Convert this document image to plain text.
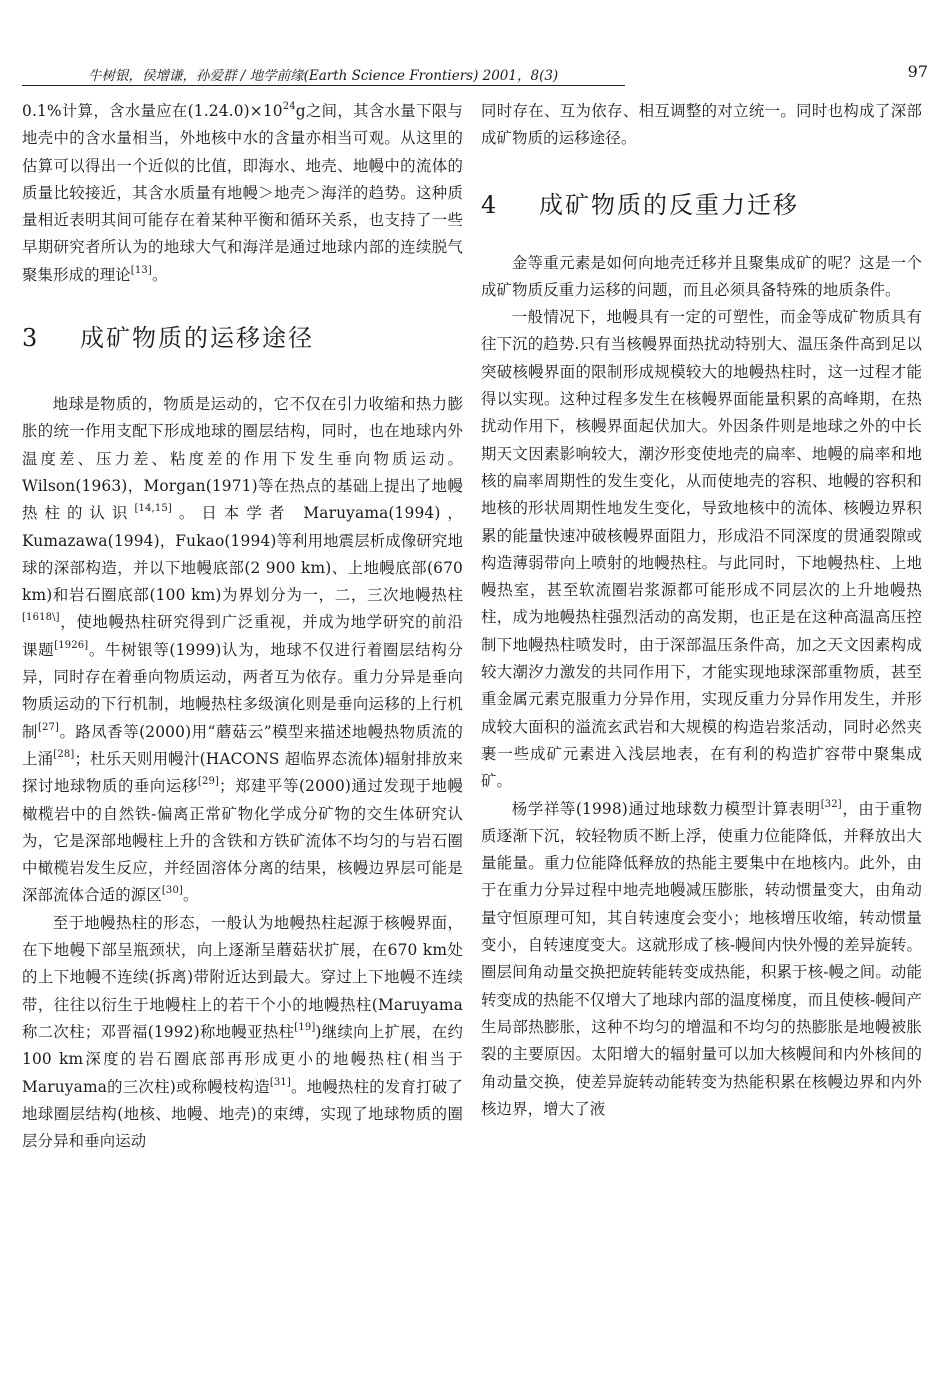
牛树银，侯增谦，孙爱群 / 地学前缘(Earth Science Frontiers) 2001，8(3)	97

0.1%计算，含水量应在$(1.24.0)\times 10^{24}g$之间，其含水量下限与地壳中的含水量相当，外地核中水的含量亦相当可观。从这里的估算可以得出一个近似的比值，即海水、地壳、地幔中的流体的质量比较接近，其含水质量有地幔＞地壳＞海洋的趋势。这种质量相近表明其间可能存在着某种平衡和循环关系，也支持了一些早期研究者所认为的地球大气和海洋是通过地球内部的连续脱气聚集形成的理论[13]。

3 成矿物质的运移途径

地球是物质的，物质是运动的，它不仅在引力收缩和热力膨胀的统一作用支配下形成地球的圈层结构，同时，也在地球内外温度差、压力差、粘度差的作用下发生垂向物质运动。Wilson(1963)，Morgan(1971)等在热点的基础上提出了地幔热柱的认识[14,15]。日本学者 Maruyama(1994)，Kumazawa(1994)，Fukao(1994)等利用地震层析成像研究地球的深部构造，并以下地幔底部(2 900 km)、上地幔底部(670 km)和岩石圈底部(100 km)为界划分为一，二，三次地幔热柱[1618\]，使地幔热柱研究得到广泛重视，并成为地学研究的前沿课题[1926]。牛树银等(1999)认为，地球不仅进行着圈层结构分异，同时存在着垂向物质运动，两者互为依存。重力分异是垂向物质运动的下行机制，地幔热柱多级演化则是垂向运移的上行机制[27]。路凤香等(2000)用“蘑菇云”模型来描述地幔热物质流的上涌[28]；杜乐天则用幔汁(HACONS 超临界态流体)辐射排放来探讨地球物质的垂向运移[29]；郑建平等(2000)通过发现于地幔橄榄岩中的自然铁-偏离正常矿物化学成分矿物的交生体研究认为，它是深部地幔柱上升的含铁和方铁矿流体不均匀的与岩石圈中橄榄岩发生反应，并经固溶体分离的结果，核幔边界层可能是深部流体合适的源区[30]。

至于地幔热柱的形态，一般认为地幔热柱起源于核幔界面，在下地幔下部呈瓶颈状，向上逐渐呈蘑菇状扩展，在670 km处的上下地幔不连续(拆离)带附近达到最大。穿过上下地幔不连续带，往往以衍生于地幔柱上的若干个小的地幔热柱(Maruyama称二次柱；邓晋福(1992)称地幔亚热柱[19])继续向上扩展，在约100 km深度的岩石圈底部再形成更小的地幔热柱(相当于 Maruyama的三次柱)或称幔枝构造[31]。地幔热柱的发育打破了地球圈层结构(地核、地幔、地壳)的束缚，实现了地球物质的圈层分异和垂向运动

同时存在、互为依存、相互调整的对立统一。同时也构成了深部成矿物质的运移途径。

4 成矿物质的反重力迁移

金等重元素是如何向地壳迁移并且聚集成矿的呢？这是一个成矿物质反重力运移的问题，而且必须具备特殊的地质条件。

一般情况下，地幔具有一定的可塑性，而金等成矿物质具有往下沉的趋势.只有当核幔界面热扰动特别大、温压条件高到足以突破核幔界面的限制形成规模较大的地幔热柱时，这一过程才能得以实现。这种过程多发生在核幔界面能量积累的高峰期，在热扰动作用下，核幔界面起伏加大。外因条件则是地球之外的中长期天文因素影响较大，潮汐形变使地壳的扁率、地幔的扁率和地核的扁率周期性的发生变化，从而使地壳的容积、地幔的容积和地核的形状周期性地发生变化，导致地核中的流体、核幔边界积累的能量快速冲破核幔界面阻力，形成沿不同深度的贯通裂隙或构造薄弱带向上喷射的地幔热柱。与此同时，下地幔热柱、上地幔热室，甚至软流圈岩浆源都可能形成不同层次的上升地幔热柱，成为地幔热柱强烈活动的高发期，也正是在这种高温高压控制下地幔热柱喷发时，由于深部温压条件高，加之天文因素构成较大潮汐力激发的共同作用下，才能实现地球深部重物质，甚至重金属元素克服重力分异作用，实现反重力分异作用发生，并形成较大面积的溢流玄武岩和大规模的构造岩浆活动，同时必然夹裹一些成矿元素进入浅层地表，在有利的构造扩容带中聚集成矿。

杨学祥等(1998)通过地球数力模型计算表明[32]，由于重物质逐渐下沉，较轻物质不断上浮，使重力位能降低，并释放出大量能量。重力位能降低释放的热能主要集中在地核内。此外，由于在重力分异过程中地壳地幔减压膨胀，转动惯量变大，由角动量守恒原理可知，其自转速度会变小；地核增压收缩，转动惯量变小，自转速度变大。这就形成了核-幔间内快外慢的差异旋转。圈层间角动量交换把旋转能转变成热能，积累于核-幔之间。动能转变成的热能不仅增大了地球内部的温度梯度，而且使核-幔间产生局部热膨胀，这种不均匀的增温和不均匀的热膨胀是地幔被胀裂的主要原因。太阳增大的辐射量可以加大核幔间和内外核间的角动量交换，使差异旋转动能转变为热能积累在核幔边界和内外核边界，增大了液
